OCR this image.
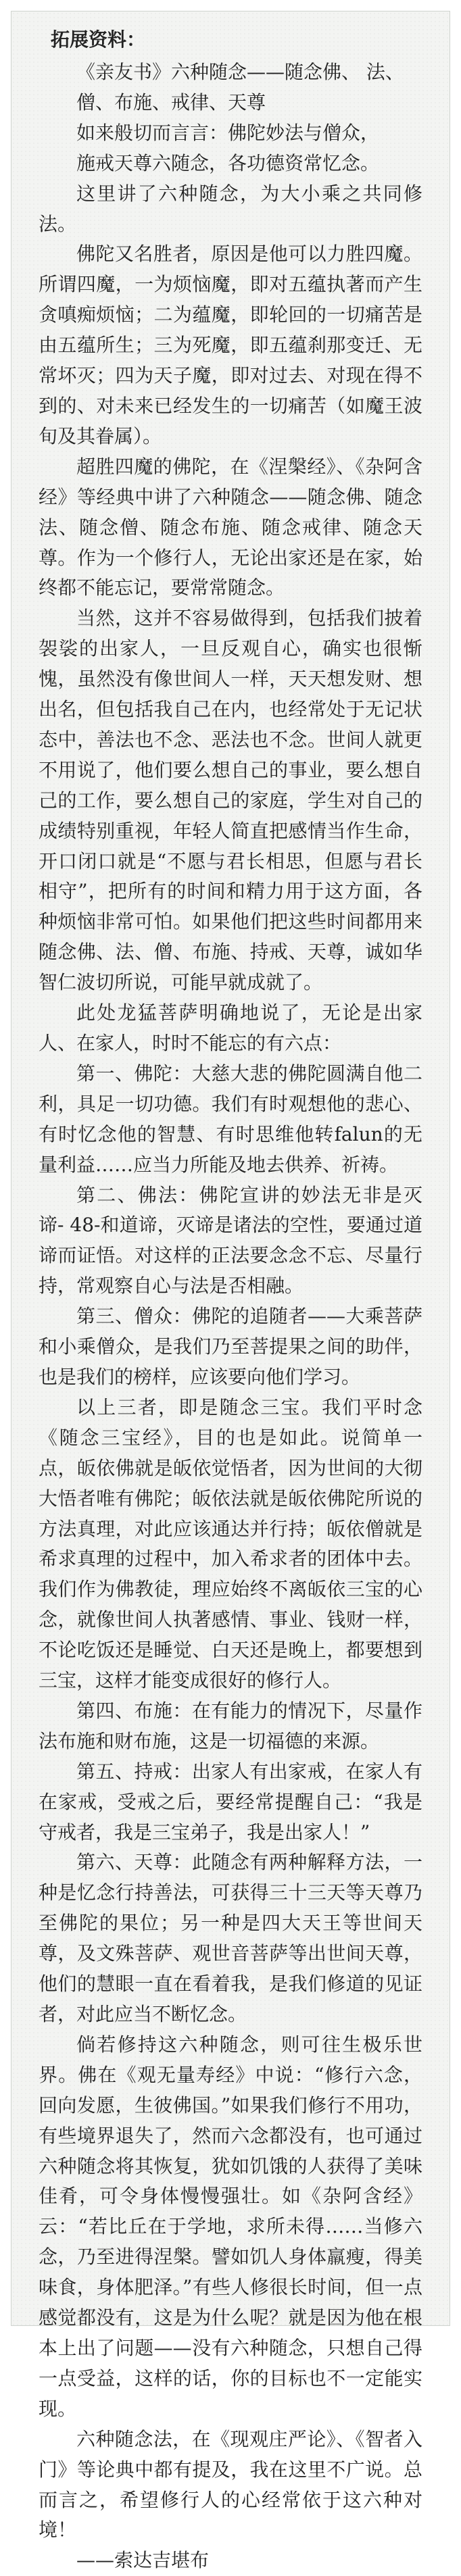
拓展资料：
《亲友书》六种随念——随念佛、 法、
僧、布施、戒律、天尊
如来般切而言言：佛陀妙法与僧众，
施戒天尊六随念，各功德资常忆念。

这里讲了六种随念，为大小乘之共同修法。

佛陀又名胜者，原因是他可以力胜四魔。所谓四魔，一为烦恼魔，即对五蕴执著而产生贪嗔痴烦恼；二为蕴魔，即轮回的一切痛苦是由五蕴所生；三为死魔，即五蕴刹那变迁、无常坏灭；四为天子魔，即对过去、对现在得不到的、对未来已经发生的一切痛苦（如魔王波旬及其眷属）。

超胜四魔的佛陀，在《涅槃经》、《杂阿含经》等经典中讲了六种随念——随念佛、随念法、随念僧、随念布施、随念戒律、随念天尊。作为一个修行人，无论出家还是在家，始终都不能忘记，要常常随念。

当然，这并不容易做得到，包括我们披着袈裟的出家人，一旦反观自心，确实也很惭愧，虽然没有像世间人一样，天天想发财、想出名，但包括我自己在内，也经常处于无记状态中，善法也不念、恶法也不念。世间人就更不用说了，他们要么想自己的事业，要么想自己的工作，要么想自己的家庭，学生对自己的成绩特别重视，年轻人简直把感情当作生命，开口闭口就是“不愿与君长相思，但愿与君长相守”，把所有的时间和精力用于这方面，各种烦恼非常可怕。如果他们把这些时间都用来随念佛、法、僧、布施、持戒、天尊，诚如华智仁波切所说，可能早就成就了。

此处龙猛菩萨明确地说了，无论是出家人、在家人，时时不能忘的有六点：

第一、佛陀：大慈大悲的佛陀圆满自他二利，具足一切功德。我们有时观想他的悲心、有时忆念他的智慧、有时思维他转falun的无量利益……应当力所能及地去供养、祈祷。

第二、佛法：佛陀宣讲的妙法无非是灭谛- 48-和道谛，灭谛是诸法的空性，要通过道谛而证悟。对这样的正法要念念不忘、尽量行持，常观察自心与法是否相融。

第三、僧众：佛陀的追随者——大乘菩萨和小乘僧众，是我们乃至菩提果之间的助伴，也是我们的榜样，应该要向他们学习。

以上三者，即是随念三宝。我们平时念《随念三宝经》，目的也是如此。说简单一点，皈依佛就是皈依觉悟者，因为世间的大彻大悟者唯有佛陀；皈依法就是皈依佛陀所说的方法真理，对此应该通达并行持；皈依僧就是希求真理的过程中，加入希求者的团体中去。我们作为佛教徒，理应始终不离皈依三宝的心念，就像世间人执著感情、事业、钱财一样，不论吃饭还是睡觉、白天还是晚上，都要想到三宝，这样才能变成很好的修行人。

第四、布施：在有能力的情况下，尽量作法布施和财布施，这是一切福德的来源。

第五、持戒：出家人有出家戒，在家人有在家戒，受戒之后，要经常提醒自己：“我是守戒者，我是三宝弟子，我是出家人！”

第六、天尊：此随念有两种解释方法，一种是忆念行持善法，可获得三十三天等天尊乃至佛陀的果位；另一种是四大天王等世间天尊，及文殊菩萨、观世音菩萨等出世间天尊，他们的慧眼一直在看着我，是我们修道的见证者，对此应当不断忆念。

倘若修持这六种随念，则可往生极乐世界。佛在《观无量寿经》中说：“修行六念，回向发愿，生彼佛国。”如果我们修行不用功，有些境界退失了，然而六念都没有，也可通过六种随念将其恢复，犹如饥饿的人获得了美味佳肴，可令身体慢慢强壮。如《杂阿含经》云：“若比丘在于学地，求所未得……当修六念，乃至进得涅槃。譬如饥人身体羸瘦，得美味食，身体肥泽。”有些人修很长时间，但一点感觉都没有，这是为什么呢？就是因为他在根本上出了问题——没有六种随念，只想自己得一点受益，这样的话，你的目标也不一定能实现。

六种随念法，在《现观庄严论》、《智者入门》等论典中都有提及，我在这里不广说。总而言之，希望修行人的心经常依于这六种对境！

——索达吉堪布
